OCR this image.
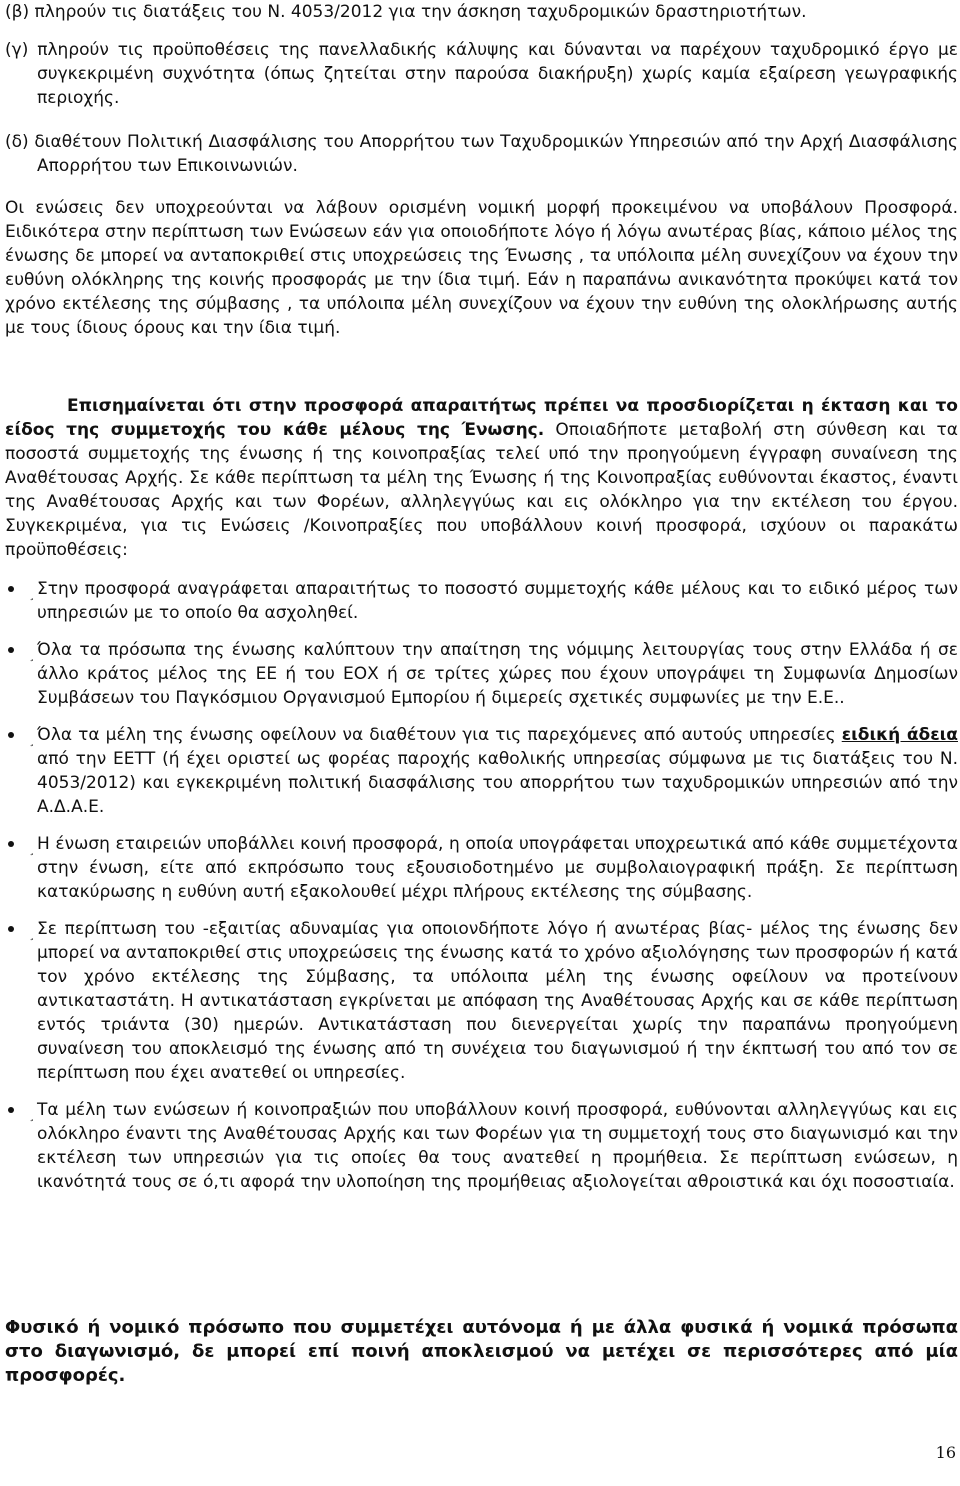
(β) πληρούν τις διατάξεις του Ν. 4053/2012 για την άσκηση ταχυδρομικών δραστηριοτήτων.

(γ) πληρούν τις προϋποθέσεις της πανελλαδικής κάλυψης και δύνανται να παρέχουν ταχυδρομικό έργο με συγκεκριμένη συχνότητα (όπως ζητείται στην παρούσα διακήρυξη) χωρίς καμία εξαίρεση γεωγραφικής περιοχής.

(δ) διαθέτουν Πολιτική Διασφάλισης του Απορρήτου των Ταχυδρομικών Υπηρεσιών από την Αρχή Διασφάλισης Απορρήτου των Επικοινωνιών.

Οι ενώσεις δεν υποχρεούνται να λάβουν ορισμένη νομική μορφή προκειμένου να υποβάλουν Προσφορά. Ειδικότερα στην περίπτωση των Ενώσεων εάν για οποιοδήποτε λόγο ή λόγω ανωτέρας βίας, κάποιο μέλος της ένωσης δε μπορεί να ανταποκριθεί στις υποχρεώσεις της Ένωσης , τα υπόλοιπα μέλη συνεχίζουν να έχουν την ευθύνη ολόκληρης της κοινής προσφοράς με την ίδια τιμή. Εάν η παραπάνω ανικανότητα προκύψει κατά τον χρόνο εκτέλεσης της σύμβασης , τα υπόλοιπα μέλη συνεχίζουν να έχουν την ευθύνη της ολοκλήρωσης αυτής με τους ίδιους όρους και την ίδια τιμή.

Επισημαίνεται ότι στην προσφορά απαραιτήτως πρέπει να προσδιορίζεται η έκταση και το είδος της συμμετοχής του κάθε μέλους της Ένωσης. Οποιαδήποτε μεταβολή στη σύνθεση και τα ποσοστά συμμετοχής της ένωσης ή της κοινοπραξίας τελεί υπό την προηγούμενη έγγραφη συναίνεση της Αναθέτουσας Αρχής. Σε κάθε περίπτωση τα μέλη της Ένωσης ή της Κοινοπραξίας ευθύνονται έκαστος, έναντι της Αναθέτουσας Αρχής και των Φορέων, αλληλεγγύως και εις ολόκληρο για την εκτέλεση του έργου. Συγκεκριμένα, για τις Ενώσεις /Κοινοπραξίες που υποβάλλουν κοινή προσφορά, ισχύουν οι παρακάτω προϋποθέσεις:

¸ Στην προσφορά αναγράφεται απαραιτήτως το ποσοστό συμμετοχής κάθε μέλους και το ειδικό μέρος των υπηρεσιών με το οποίο θα ασχοληθεί.

¸ Όλα τα πρόσωπα της ένωσης καλύπτουν την απαίτηση της νόμιμης λειτουργίας τους στην Ελλάδα ή σε άλλο κράτος μέλος της ΕΕ ή του ΕΟΧ ή σε τρίτες χώρες που έχουν υπογράψει τη Συμφωνία Δημοσίων Συμβάσεων του Παγκόσμιου Οργανισμού Εμπορίου ή διμερείς σχετικές συμφωνίες με την Ε.Ε..

¸ Όλα τα μέλη της ένωσης οφείλουν να διαθέτουν για τις παρεχόμενες από αυτούς υπηρεσίες ειδική άδεια από την ΕΕΤΤ (ή έχει οριστεί ως φορέας παροχής καθολικής υπηρεσίας σύμφωνα με τις διατάξεις του Ν. 4053/2012) και εγκεκριμένη πολιτική διασφάλισης του απορρήτου των ταχυδρομικών υπηρεσιών από την Α.Δ.Α.Ε.

¸ Η ένωση εταιρειών υποβάλλει κοινή προσφορά, η οποία υπογράφεται υποχρεωτικά από κάθε συμμετέχοντα στην ένωση, είτε από εκπρόσωπο τους εξουσιοδοτημένο με συμβολαιογραφική πράξη. Σε περίπτωση κατακύρωσης η ευθύνη αυτή εξακολουθεί μέχρι πλήρους εκτέλεσης της σύμβασης.

¸ Σε περίπτωση του -εξαιτίας αδυναμίας για οποιονδήποτε λόγο ή ανωτέρας βίας- μέλος της ένωσης δεν μπορεί να ανταποκριθεί στις υποχρεώσεις της ένωσης κατά το χρόνο αξιολόγησης των προσφορών ή κατά τον χρόνο εκτέλεσης της Σύμβασης, τα υπόλοιπα μέλη της ένωσης οφείλουν να προτείνουν αντικαταστάτη. Η αντικατάσταση εγκρίνεται με απόφαση της Αναθέτουσας Αρχής και σε κάθε περίπτωση εντός τριάντα (30) ημερών. Αντικατάσταση που διενεργείται χωρίς την παραπάνω προηγούμενη συναίνεση του αποκλεισμό της ένωσης από τη συνέχεια του διαγωνισμού ή την έκπτωσή του από τον σε περίπτωση που έχει ανατεθεί οι υπηρεσίες.

¸ Τα μέλη των ενώσεων ή κοινοπραξιών που υποβάλλουν κοινή προσφορά, ευθύνονται αλληλεγγύως και εις ολόκληρο έναντι της Αναθέτουσας Αρχής και των Φορέων για τη συμμετοχή τους στο διαγωνισμό και την εκτέλεση των υπηρεσιών για τις οποίες θα τους ανατεθεί η προμήθεια. Σε περίπτωση ενώσεων, η ικανότητά τους σε ό,τι αφορά την υλοποίηση της προμήθειας αξιολογείται αθροιστικά και όχι ποσοστιαία.

Φυσικό ή νομικό πρόσωπο που συμμετέχει αυτόνομα ή με άλλα φυσικά ή νομικά πρόσωπα στο διαγωνισμό, δε μπορεί επί ποινή αποκλεισμού να μετέχει σε περισσότερες από μία προσφορές.

16
